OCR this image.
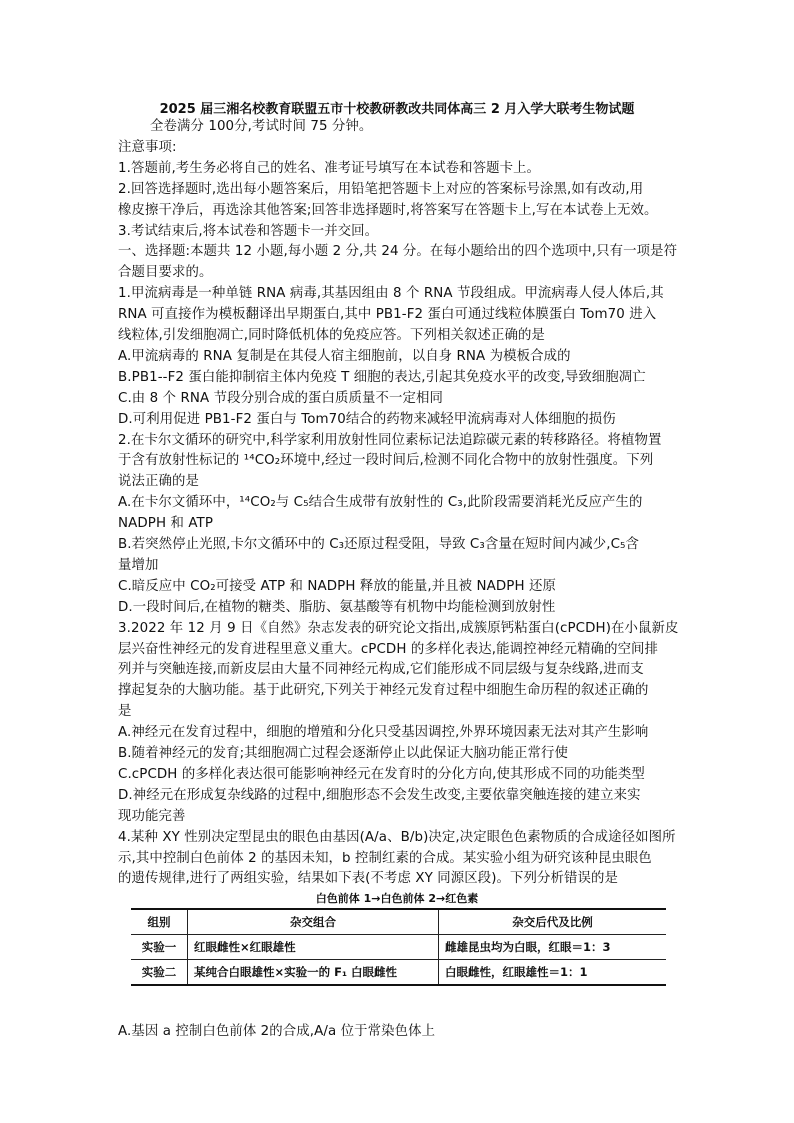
2025 届三湘名校教育联盟五市十校教研教改共同体高三 2 月入学大联考生物试题
全卷满分 100分,考试时间 75 分钟。
注意事项:
1.答题前,考生务必将自己的姓名、准考证号填写在本试卷和答题卡上。
2.回答选择题时,选出每小题答案后，用铅笔把答题卡上对应的答案标号涂黑,如有改动,用
橡皮擦干净后，再选涂其他答案;回答非选择题时,将答案写在答题卡上,写在本试卷上无效。
3.考试结束后,将本试卷和答题卡一并交回。
一、选择题:本题共 12 小题,每小题 2 分,共 24 分。在每小题给出的四个选项中,只有一项是符
合题目要求的。
1.甲流病毒是一种单链 RNA 病毒,其基因组由 8 个 RNA 节段组成。甲流病毒人侵人体后,其
RNA 可直接作为模板翻译出早期蛋白,其中 PB1-F2 蛋白可通过线粒体膜蛋白 Tom70 进入
线粒体,引发细胞凋亡,同时降低机体的免疫应答。下列相关叙述正确的是
A.甲流病毒的 RNA 复制是在其侵人宿主细胞前，以自身 RNA 为模板合成的
B.PB1--F2 蛋白能抑制宿主体内免疫 T 细胞的表达,引起其免疫水平的改变,导致细胞凋亡
C.由 8 个 RNA 节段分别合成的蛋白质质量不一定相同
D.可利用促进 PB1-F2 蛋白与 Tom70结合的药物来减轻甲流病毒对人体细胞的损伤
2.在卡尔文循环的研究中,科学家利用放射性同位素标记法追踪碳元素的转移路径。将植物置
于含有放射性标记的 ¹⁴CO₂环境中,经过一段时间后,检测不同化合物中的放射性强度。下列
说法正确的是
A.在卡尔文循环中，¹⁴CO₂与 C₅结合生成带有放射性的 C₃,此阶段需要消耗光反应产生的
NADPH 和 ATP
B.若突然停止光照,卡尔文循环中的 C₃还原过程受阻，导致 C₃含量在短时间内减少,C₅含
量增加
C.暗反应中 CO₂可接受 ATP 和 NADPH 释放的能量,并且被 NADPH 还原
D.一段时间后,在植物的糖类、脂肪、氨基酸等有机物中均能检测到放射性
3.2022 年 12 月 9 日《自然》杂志发表的研究论文指出,成簇原钙粘蛋白(cPCDH)在小鼠新皮
层兴奋性神经元的发育进程里意义重大。cPCDH 的多样化表达,能调控神经元精确的空间排
列并与突触连接,而新皮层由大量不同神经元构成,它们能形成不同层级与复杂线路,进而支
撑起复杂的大脑功能。基于此研究,下列关于神经元发育过程中细胞生命历程的叙述正确的
是
A.神经元在发育过程中，细胞的增殖和分化只受基因调控,外界环境因素无法对其产生影响
B.随着神经元的发育;其细胞凋亡过程会逐渐停止以此保证大脑功能正常行使
C.cPCDH 的多样化表达很可能影响神经元在发育时的分化方向,使其形成不同的功能类型
D.神经元在形成复杂线路的过程中,细胞形态不会发生改变,主要依靠突触连接的建立来实
现功能完善
4.某种 XY 性别决定型昆虫的眼色由基因(A/a、B/b)决定,决定眼色色素物质的合成途径如图所
示,其中控制白色前体 2 的基因未知，b 控制红素的合成。某实验小组为研究该种昆虫眼色
的遗传规律,进行了两组实验，结果如下表(不考虑 XY 同源区段)。下列分析错误的是
白色前体 1→白色前体 2→红色素
组别	杂交组合	杂交后代及比例
实验一	红眼雌性×红眼雄性	雌雄昆虫均为白眼，红眼＝1：3
实验二	某纯合白眼雄性×实验一的 F₁ 白眼雌性	白眼雌性，红眼雄性＝1：1
A.基因 a 控制白色前体 2的合成,A/a 位于常染色体上
